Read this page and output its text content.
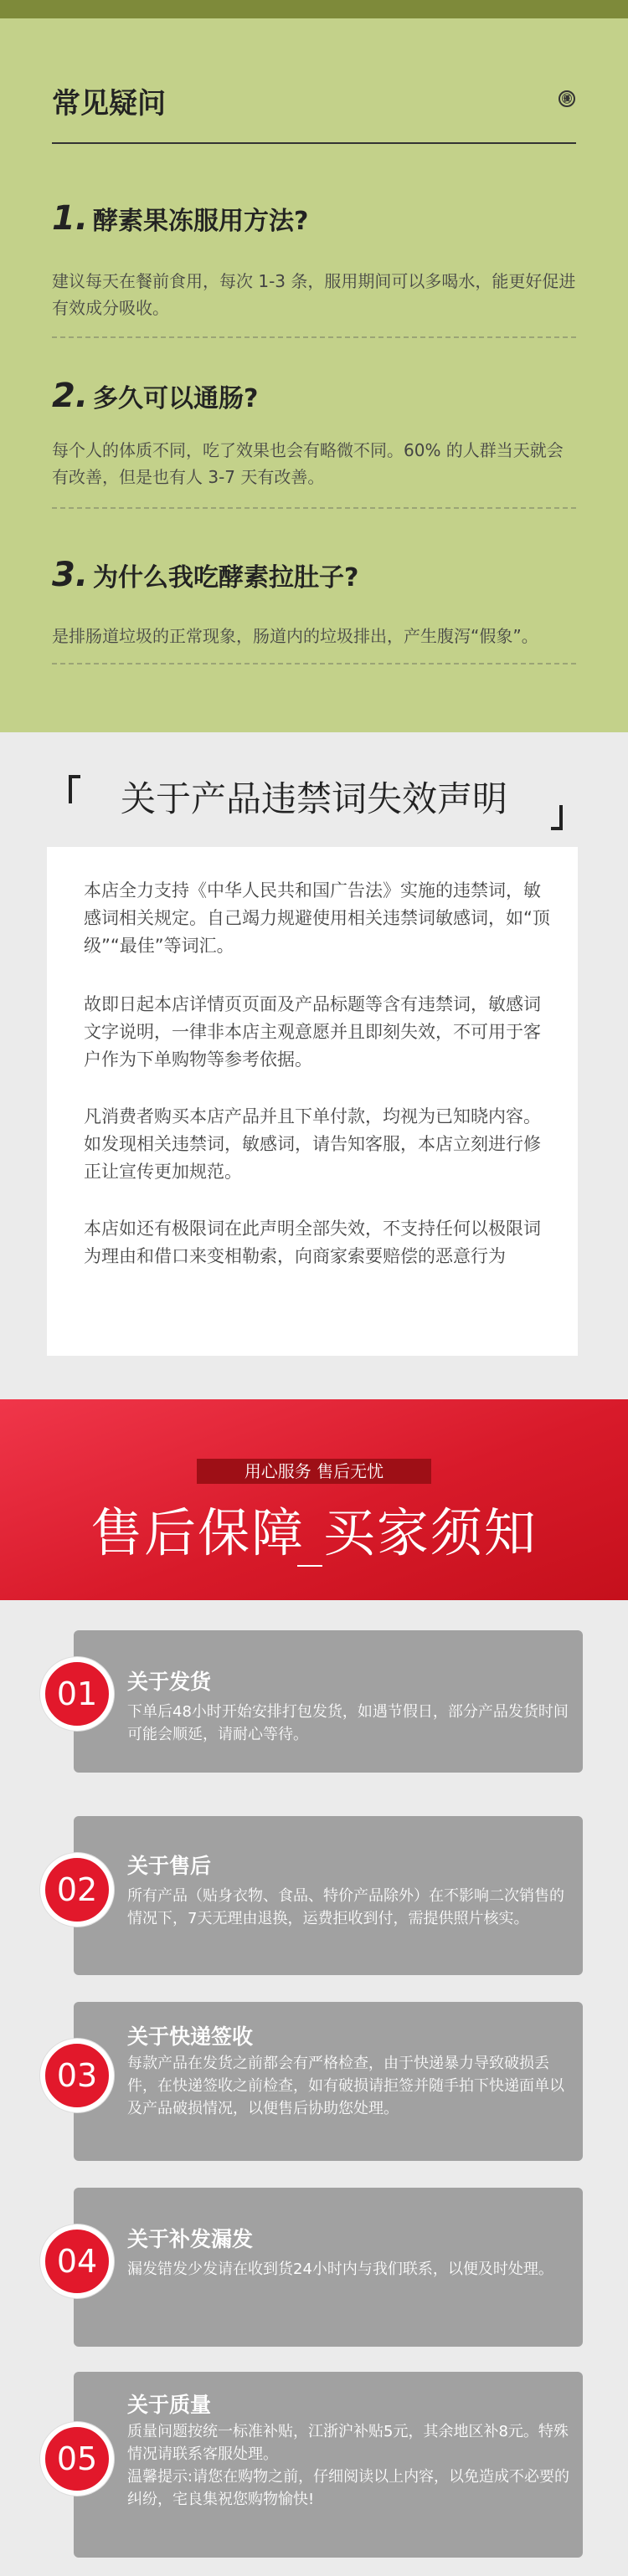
常见疑问	㊝
1. 酵素果冻服用方法?
建议每天在餐前食用，每次 1-3 条，服用期间可以多喝水，能更好促进有效成分吸收。
2. 多久可以通肠?
每个人的体质不同，吃了效果也会有略微不同。60% 的人群当天就会有改善，但是也有人 3-7 天有改善。
3. 为什么我吃酵素拉肚子?
是排肠道垃圾的正常现象，肠道内的垃圾排出，产生腹泻“假象”。
关于产品违禁词失效声明
本店全力支持《中华人民共和国广告法》实施的违禁词，敏感词相关规定。自己竭力规避使用相关违禁词敏感词，如“顶级”“最佳”等词汇。
故即日起本店详情页页面及产品标题等含有违禁词，敏感词文字说明，一律非本店主观意愿并且即刻失效，不可用于客户作为下单购物等参考依据。
凡消费者购买本店产品并且下单付款，均视为已知晓内容。如发现相关违禁词，敏感词，请告知客服，本店立刻进行修正让宣传更加规范。
本店如还有极限词在此声明全部失效，不支持任何以极限词为理由和借口来变相勒索，向商家索要赔偿的恶意行为
用心服务 售后无忧
售后保障 买家须知
关于发货
下单后48小时开始安排打包发货，如遇节假日，部分产品发货时间可能会顺延，请耐心等待。
01
关于售后
所有产品（贴身衣物、食品、特价产品除外）在不影响二次销售的情况下，7天无理由退换，运费拒收到付，需提供照片核实。
02
关于快递签收
每款产品在发货之前都会有严格检查，由于快递暴力导致破损丢件，在快递签收之前检查，如有破损请拒签并随手拍下快递面单以及产品破损情况，以便售后协助您处理。
03
关于补发漏发
漏发错发少发请在收到货24小时内与我们联系，以便及时处理。
04
关于质量
质量问题按统一标准补贴，江浙沪补贴5元，其余地区补8元。特殊情况请联系客服处理。
温馨提示:请您在购物之前，仔细阅读以上内容，以免造成不必要的纠纷，宅良集祝您购物愉快!
05
